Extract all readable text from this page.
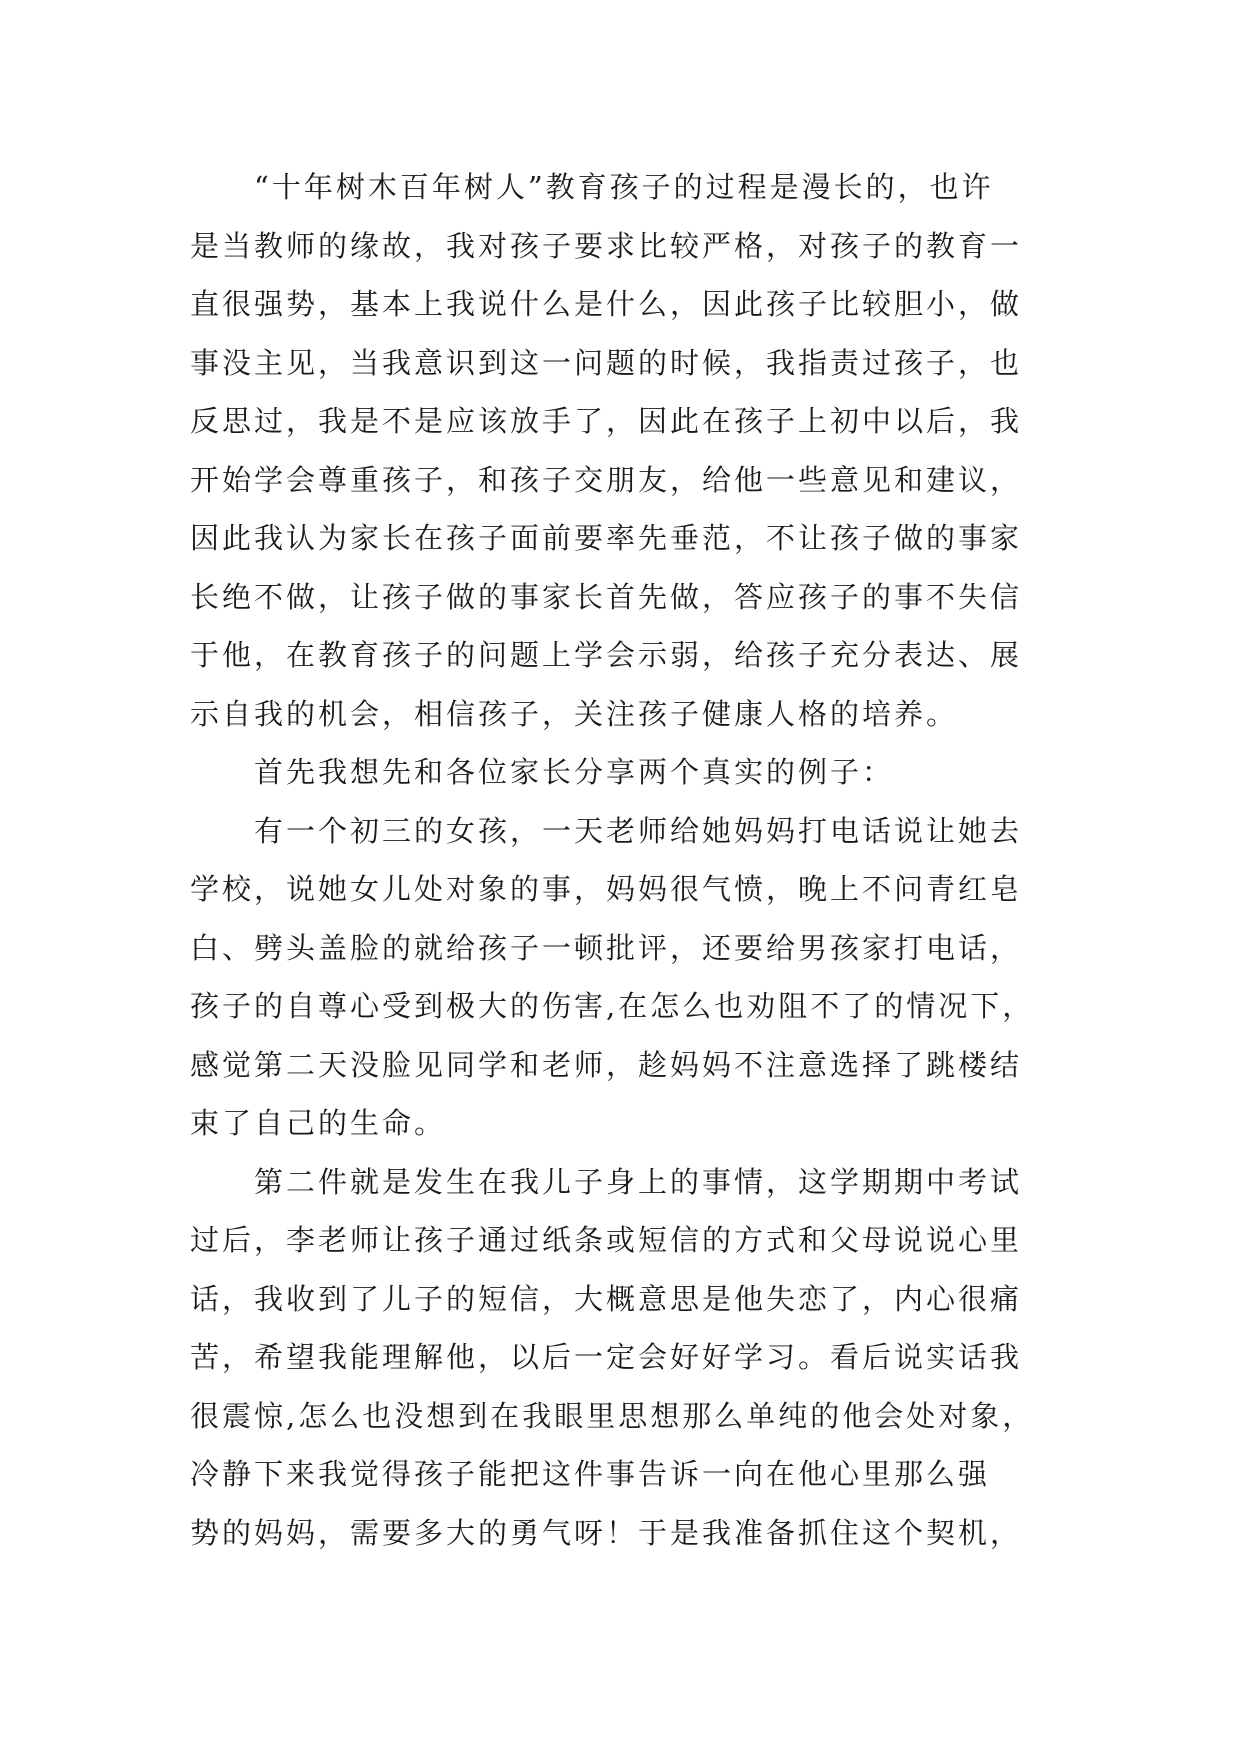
“十年树木百年树人”教育孩子的过程是漫长的，也许
是当教师的缘故，我对孩子要求比较严格，对孩子的教育一
直很强势，基本上我说什么是什么，因此孩子比较胆小，做
事没主见，当我意识到这一问题的时候，我指责过孩子，也
反思过，我是不是应该放手了，因此在孩子上初中以后，我
开始学会尊重孩子，和孩子交朋友，给他一些意见和建议，
因此我认为家长在孩子面前要率先垂范，不让孩子做的事家
长绝不做，让孩子做的事家长首先做，答应孩子的事不失信
于他，在教育孩子的问题上学会示弱，给孩子充分表达、展
示自我的机会，相信孩子，关注孩子健康人格的培养。
首先我想先和各位家长分享两个真实的例子：
有一个初三的女孩，一天老师给她妈妈打电话说让她去
学校，说她女儿处对象的事，妈妈很气愤，晚上不问青红皂
白、劈头盖脸的就给孩子一顿批评，还要给男孩家打电话，
孩子的自尊心受到极大的伤害,在怎么也劝阻不了的情况下，
感觉第二天没脸见同学和老师，趁妈妈不注意选择了跳楼结
束了自己的生命。
第二件就是发生在我儿子身上的事情，这学期期中考试
过后，李老师让孩子通过纸条或短信的方式和父母说说心里
话，我收到了儿子的短信，大概意思是他失恋了，内心很痛
苦，希望我能理解他，以后一定会好好学习。看后说实话我
很震惊,怎么也没想到在我眼里思想那么单纯的他会处对象，
冷静下来我觉得孩子能把这件事告诉一向在他心里那么强
势的妈妈，需要多大的勇气呀！于是我准备抓住这个契机，
